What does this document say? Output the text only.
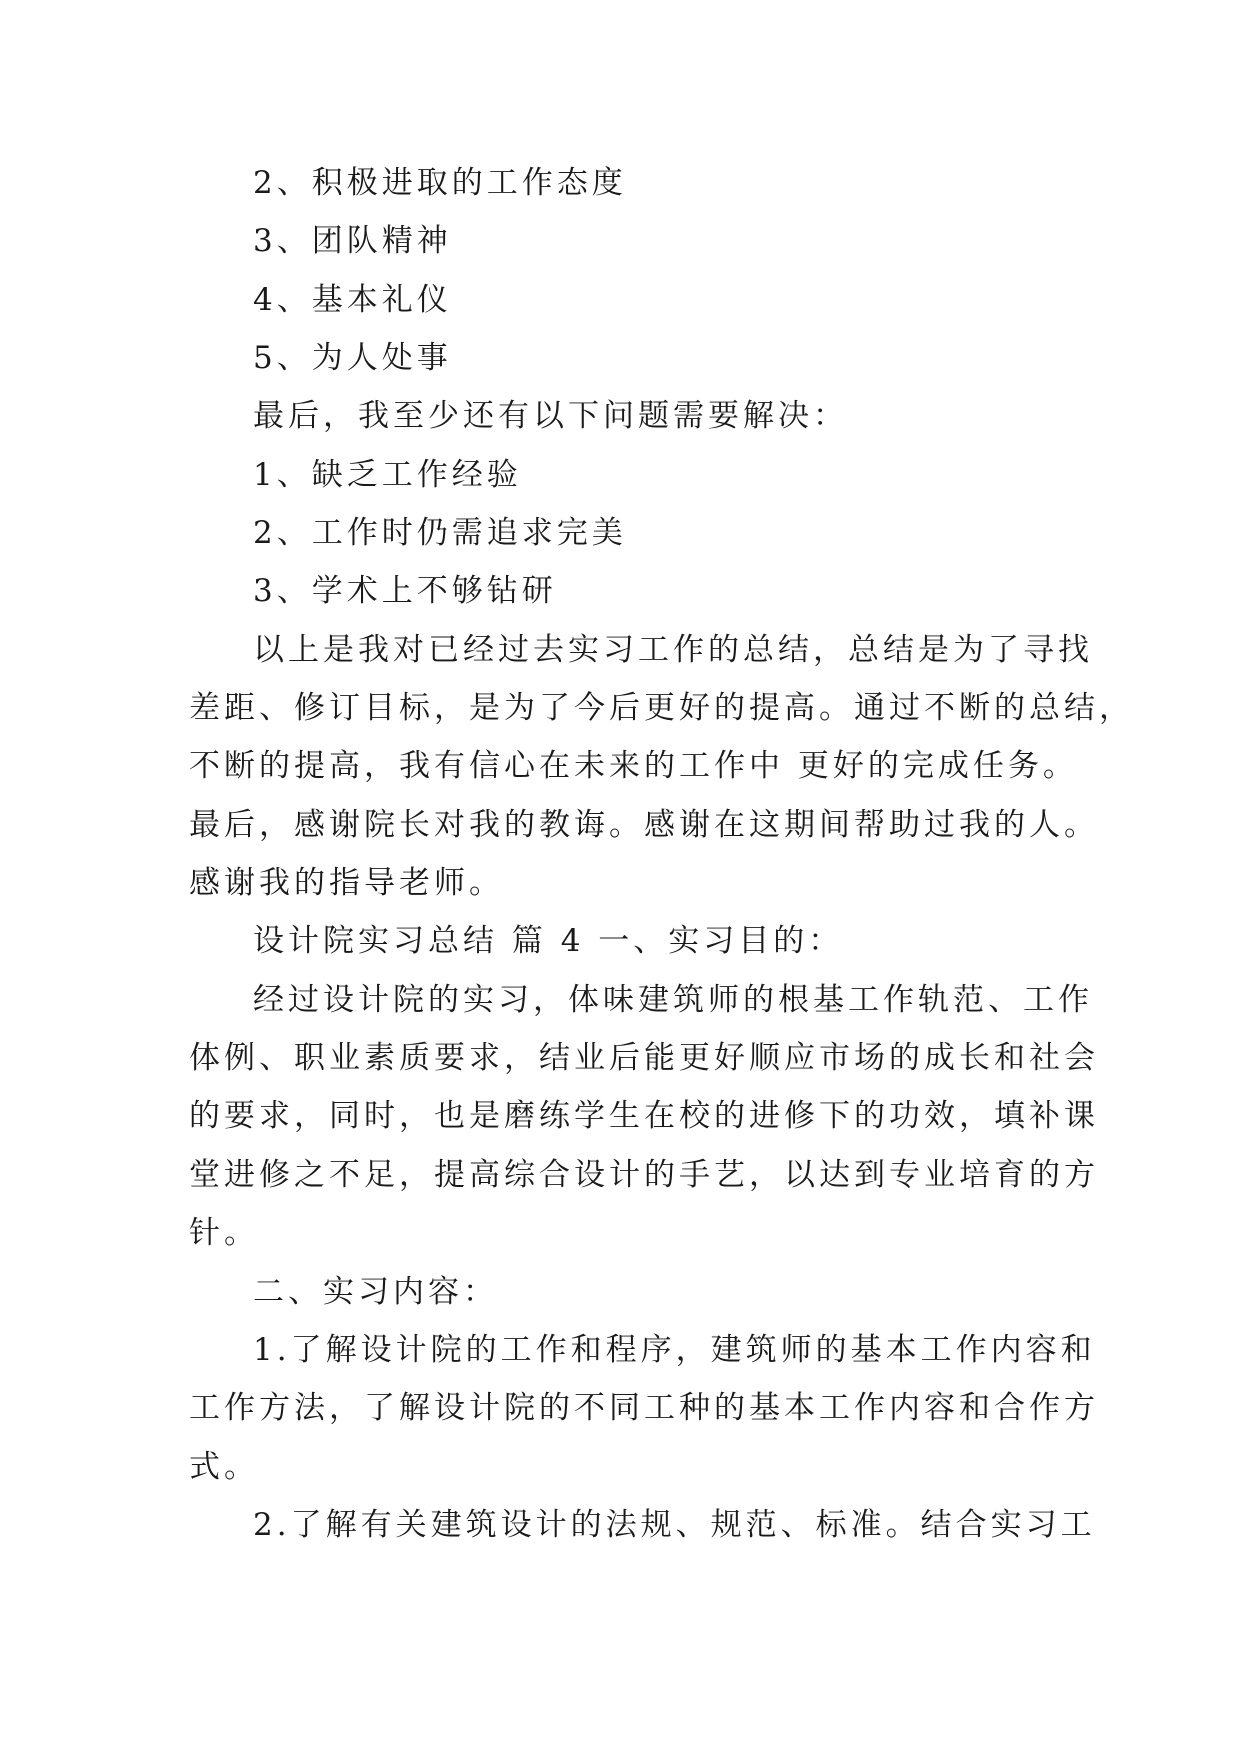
2、积极进取的工作态度
3、团队精神
4、基本礼仪
5、为人处事
最后，我至少还有以下问题需要解决：
1、缺乏工作经验
2、工作时仍需追求完美
3、学术上不够钻研
以上是我对已经过去实习工作的总结，总结是为了寻找
差距、修订目标，是为了今后更好的提高。通过不断的总结，
不断的提高，我有信心在未来的工作中 更好的完成任务。
最后，感谢院长对我的教诲。感谢在这期间帮助过我的人。
感谢我的指导老师。
设计院实习总结 篇 4 一、实习目的：
经过设计院的实习，体味建筑师的根基工作轨范、工作
体例、职业素质要求，结业后能更好顺应市场的成长和社会
的要求，同时，也是磨练学生在校的进修下的功效，填补课
堂进修之不足，提高综合设计的手艺，以达到专业培育的方
针。
二、实习内容：
1.了解设计院的工作和程序，建筑师的基本工作内容和
工作方法，了解设计院的不同工种的基本工作内容和合作方
式。
2.了解有关建筑设计的法规、规范、标准。结合实习工
